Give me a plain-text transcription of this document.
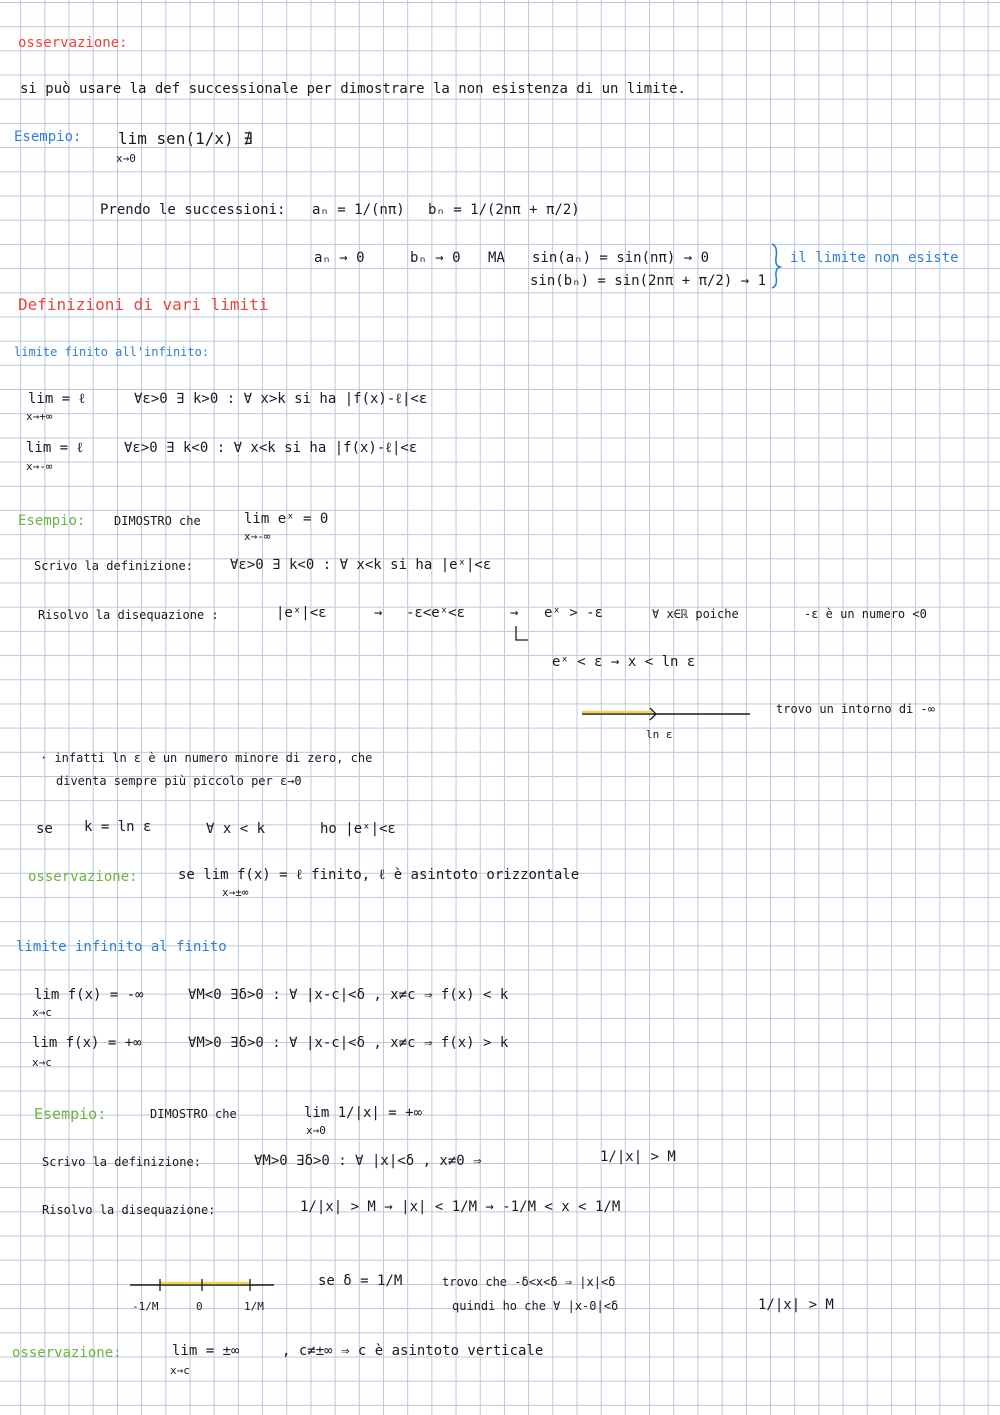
osservazione:
si può usare la def successionale per dimostrare la non esistenza di un limite.
Esempio: lim sen(1/x) ∄
x→0
Prendo le successioni: aₙ = 1/(nπ) bₙ = 1/(2nπ + π/2)
aₙ → 0	bₙ → 0 MA sin(aₙ) = sin(nπ) → 0
sin(bₙ) = sin(2nπ + π/2) → 1
il limite non esiste
Definizioni di vari limiti
limite finito all'infinito:
lim = ℓ
x→+∞
∀ε>0 ∃ k>0 : ∀ x>k si ha |f(x)-ℓ|<ε
lim = ℓ
x→-∞
∀ε>0 ∃ k<0 : ∀ x<k si ha |f(x)-ℓ|<ε
Esempio: DIMOSTRO che	lim eˣ = 0
x→-∞
Scrivo la definizione:	∀ε>0 ∃ k<0 : ∀ x<k si ha |eˣ|<ε
Risolvo la disequazione :	|eˣ|<ε	→ -ε<eˣ<ε	→ eˣ > -ε	∀ x∈ℝ poiche	-ε è un numero <0
eˣ < ε → x < ln ε
trovo un intorno di -∞
ln ε
· infatti ln ε è un numero minore di zero, che
diventa sempre più piccolo per ε→0
se k = ln ε	∀ x < k	ho |eˣ|<ε
osservazione:	se lim f(x) = ℓ finito, ℓ è asintoto orizzontale
x→±∞
limite infinito al finito
lim f(x) = -∞
x→c
∀M<0 ∃δ>0 : ∀ |x-c|<δ , x≠c ⇒ f(x) < k
lim f(x) = +∞
x→c
∀M>0 ∃δ>0 : ∀ |x-c|<δ , x≠c ⇒ f(x) > k
Esempio:	DIMOSTRO che	lim 1/|x| = +∞
x→0
Scrivo la definizione:	∀M>0 ∃δ>0 : ∀ |x|<δ , x≠0 ⇒	1/|x| > M
Risolvo la disequazione:	1/|x| > M → |x| < 1/M → -1/M < x < 1/M
-1/M	0	1/M
se δ = 1/M	trovo che -δ<x<δ ⇒ |x|<δ
quindi ho che ∀ |x-0|<δ	1/|x| > M
osservazione:	lim = ±∞
x→c
, c≠±∞ ⇒ c è asintoto verticale
